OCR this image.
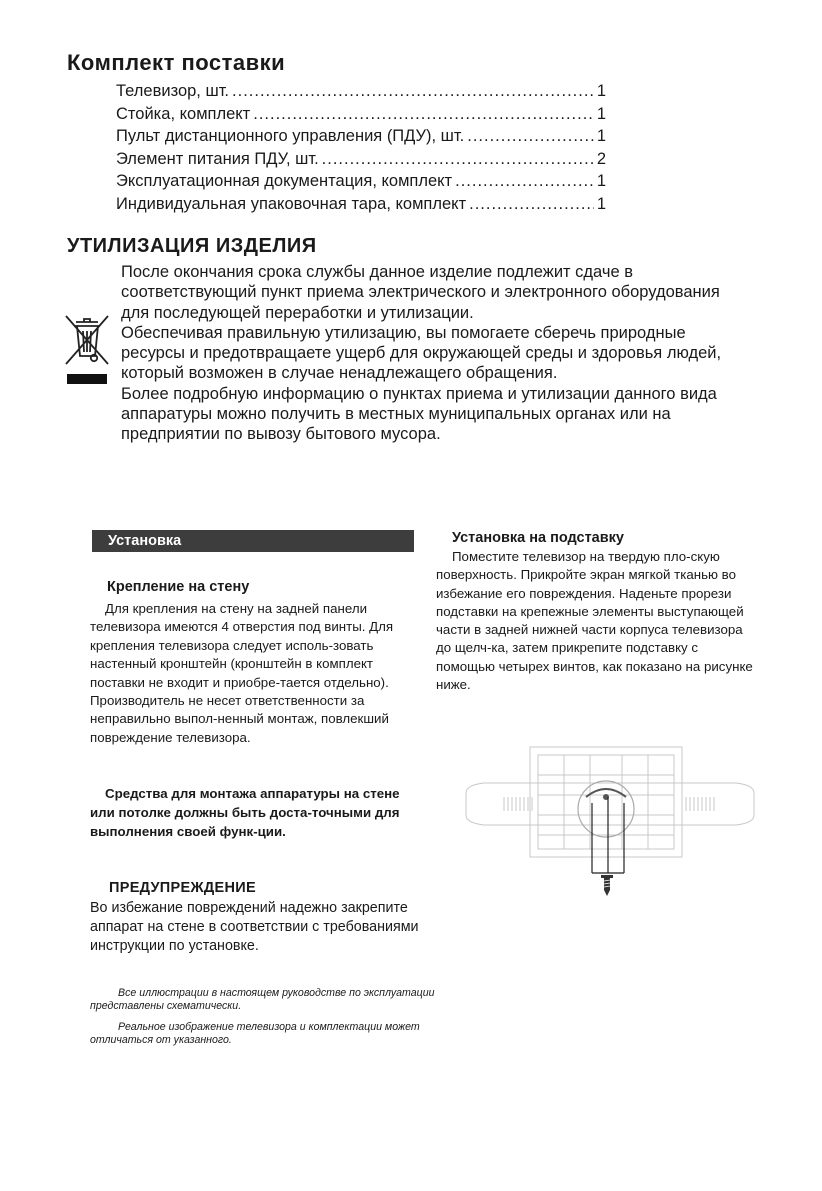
Комплект поставки
Телевизор, шт. .....	1
Стойка, комплект .....	1
Пульт дистанционного управления (ПДУ), шт. .....	1
Элемент питания ПДУ, шт. .....	2
Эксплуатационная документация, комплект .....	1
Индивидуальная упаковочная тара, комплект .....	1
УТИЛИЗАЦИЯ ИЗДЕЛИЯ

После окончания срока службы данное изделие подлежит сдаче в соответствующий пункт приема электрического и электронного оборудования для последующей переработки и утилизации.

Обеспечивая правильную утилизацию, вы помогаете сберечь природные ресурсы и предотвращаете ущерб для окружающей среды и здоровья людей, который возможен в случае ненадлежащего обращения.

Более подробную информацию о пунктах приема и утилизации данного вида аппаратуры можно получить в местных муниципальных органах или на предприятии по вывозу бытового мусора.

Установка
Крепление на стену

Для крепления на стену на задней панели телевизора имеются 4 отверстия под винты. Для крепления телевизора следует исполь-зовать настенный кронштейн (кронштейн в комплект поставки не входит и приобре-тается отдельно). Производитель не несет ответственности за неправильно выпол-ненный монтаж, повлекший повреждение телевизора.

Средства для монтажа аппаратуры на стене или потолке должны быть доста-точными для выполнения своей функ-ции.

ПРЕДУПРЕЖДЕНИЕ

Во избежание повреждений надежно закрепите аппарат на стене в соответствии с требованиями инструкции по установке.

Все иллюстрации в настоящем руководстве по эксплуатации представлены схематически.

Реальное изображение телевизора и комплектации может отличаться от указанного.

Установка на подставку

Поместите телевизор на твердую пло-скую поверхность. Прикройте экран мягкой тканью во избежание его повреждения. Наденьте прорези подставки на крепежные элементы выступающей части в задней нижней части корпуса телевизора до щелч-ка, затем прикрепите подставку с помощью четырех винтов, как показано на рисунке ниже.
